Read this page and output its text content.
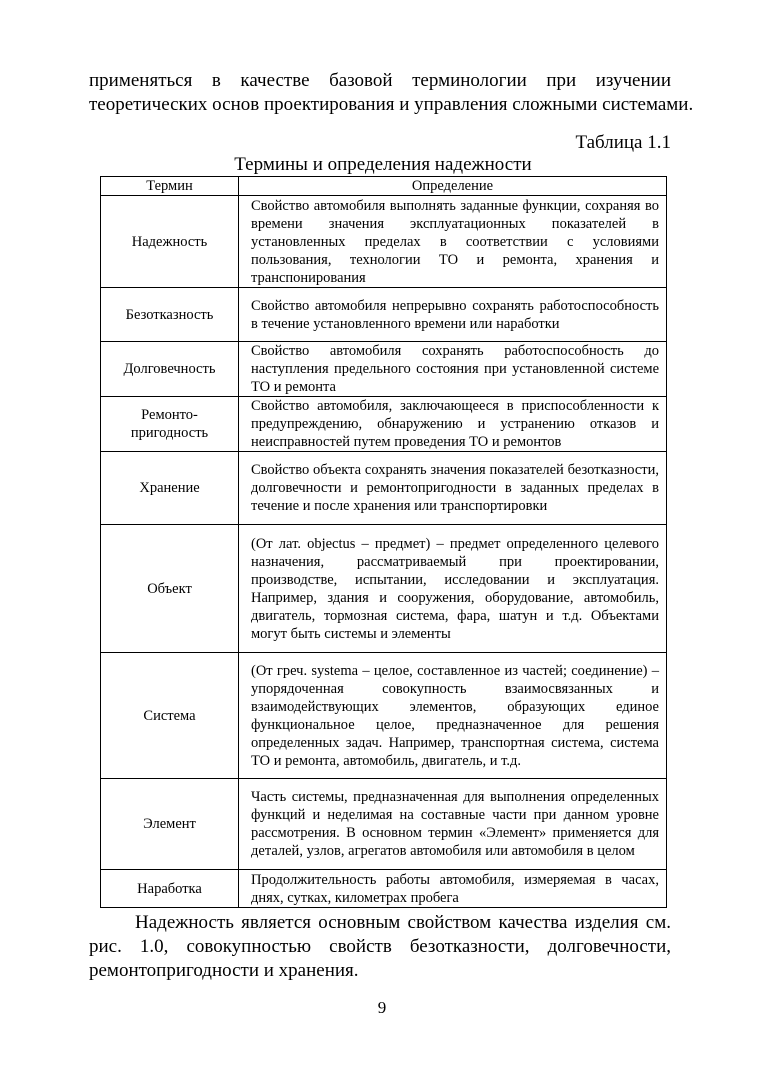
применяться в качестве базовой терминологии при изучении
теоретических основ проектирования и управления сложными системами.
Таблица 1.1
Термины и определения надежности
Термин	Определение
Надежность	Свойство автомобиля выполнять заданные функции, сохраняя во времени значения эксплуатационных показателей в установленных пределах в соответствии с условиями пользования, технологии ТО и ремонта, хранения и транспонирования
Безотказность	Свойство автомобиля непрерывно сохранять работоспособность в течение установленного времени или наработки
Долговечность	Свойство автомобиля сохранять работоспособность до наступления предельного состояния при установленной системе ТО и ремонта
Ремонто-пригодность	Свойство автомобиля, заключающееся в приспособленности к предупреждению, обнаружению и устранению отказов и неисправностей путем проведения ТО и ремонтов
Хранение	Свойство объекта сохранять значения показателей безотказности, долговечности и ремонтопригодности в заданных пределах в течение и после хранения или транспортировки
Объект	(От лат. objectus – предмет) – предмет определенного целевого назначения, рассматриваемый при проектировании, производстве, испытании, исследовании и эксплуатация. Например, здания и сооружения, оборудование, автомобиль, двигатель, тормозная система, фара, шатун и т.д. Объектами могут быть системы и элементы
Система	(От греч. systema – целое, составленное из частей; соединение) – упорядоченная совокупность взаимосвязанных и взаимодействующих элементов, образующих единое функциональное целое, предназначенное для решения определенных задач. Например, транспортная система, система ТО и ремонта, автомобиль, двигатель, и т.д.
Элемент	Часть системы, предназначенная для выполнения определенных функций и неделимая на составные части при данном уровне рассмотрения. В основном термин «Элемент» применяется для деталей, узлов, агрегатов автомобиля или автомобиля в целом
Наработка	Продолжительность работы автомобиля, измеряемая в часах, днях, сутках, километрах пробега
Надежность является основным свойством качества изделия см.
рис. 1.0, совокупностью свойств безотказности, долговечности,
ремонтопригодности и хранения.
9
